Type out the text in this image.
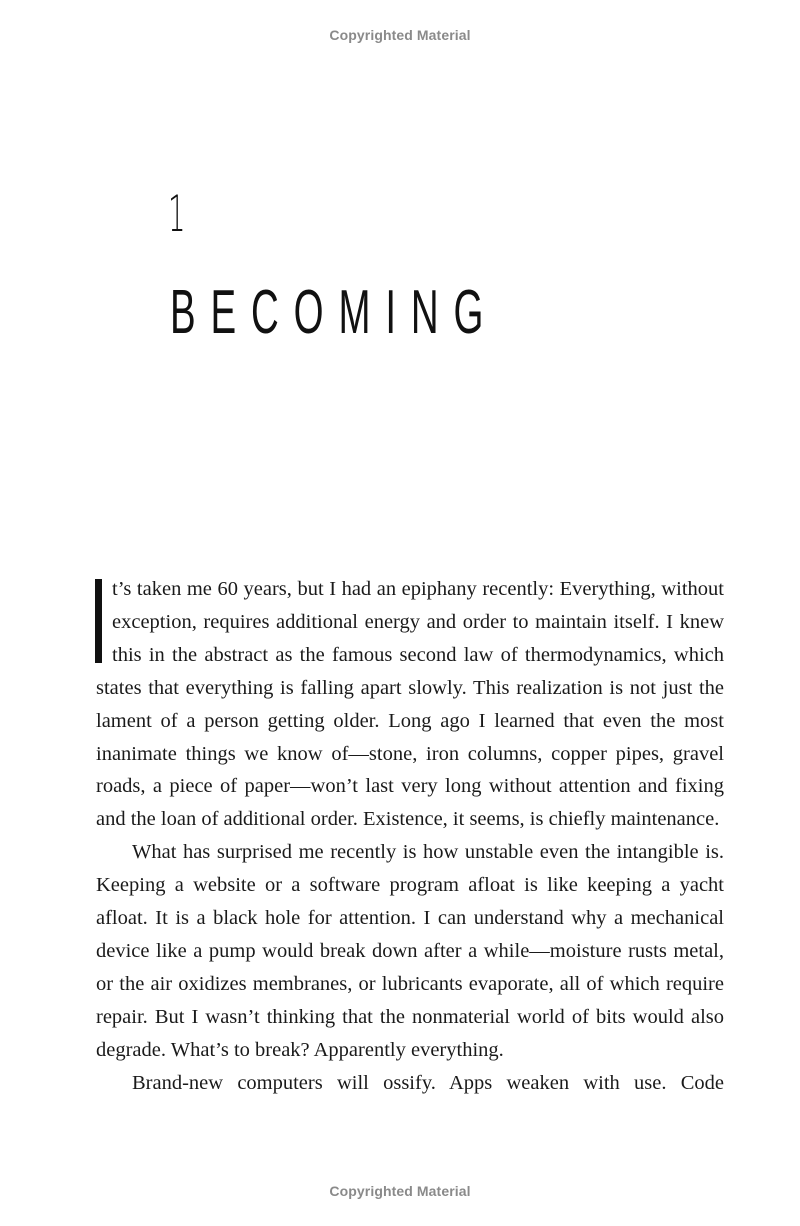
Copyrighted Material
1
BECOMING

t’s taken me 60 years, but I had an epiphany recently: Everything, without exception, requires additional energy and order to maintain itself. I knew this in the abstract as the famous second law of thermodynamics, which states that everything is falling apart slowly. This realization is not just the lament of a person getting older. Long ago I learned that even the most inanimate things we know of—stone, iron columns, copper pipes, gravel roads, a piece of paper—won’t last very long without attention and fixing and the loan of additional order. Existence, it seems, is chiefly maintenance.

What has surprised me recently is how unstable even the intangible is. Keeping a website or a software program afloat is like keeping a yacht afloat. It is a black hole for attention. I can understand why a mechanical device like a pump would break down after a while—moisture rusts metal, or the air oxidizes membranes, or lubricants evaporate, all of which require repair. But I wasn’t thinking that the nonmaterial world of bits would also degrade. What’s to break? Apparently everything.

Brand-new computers will ossify. Apps weaken with use. Code

Copyrighted Material
